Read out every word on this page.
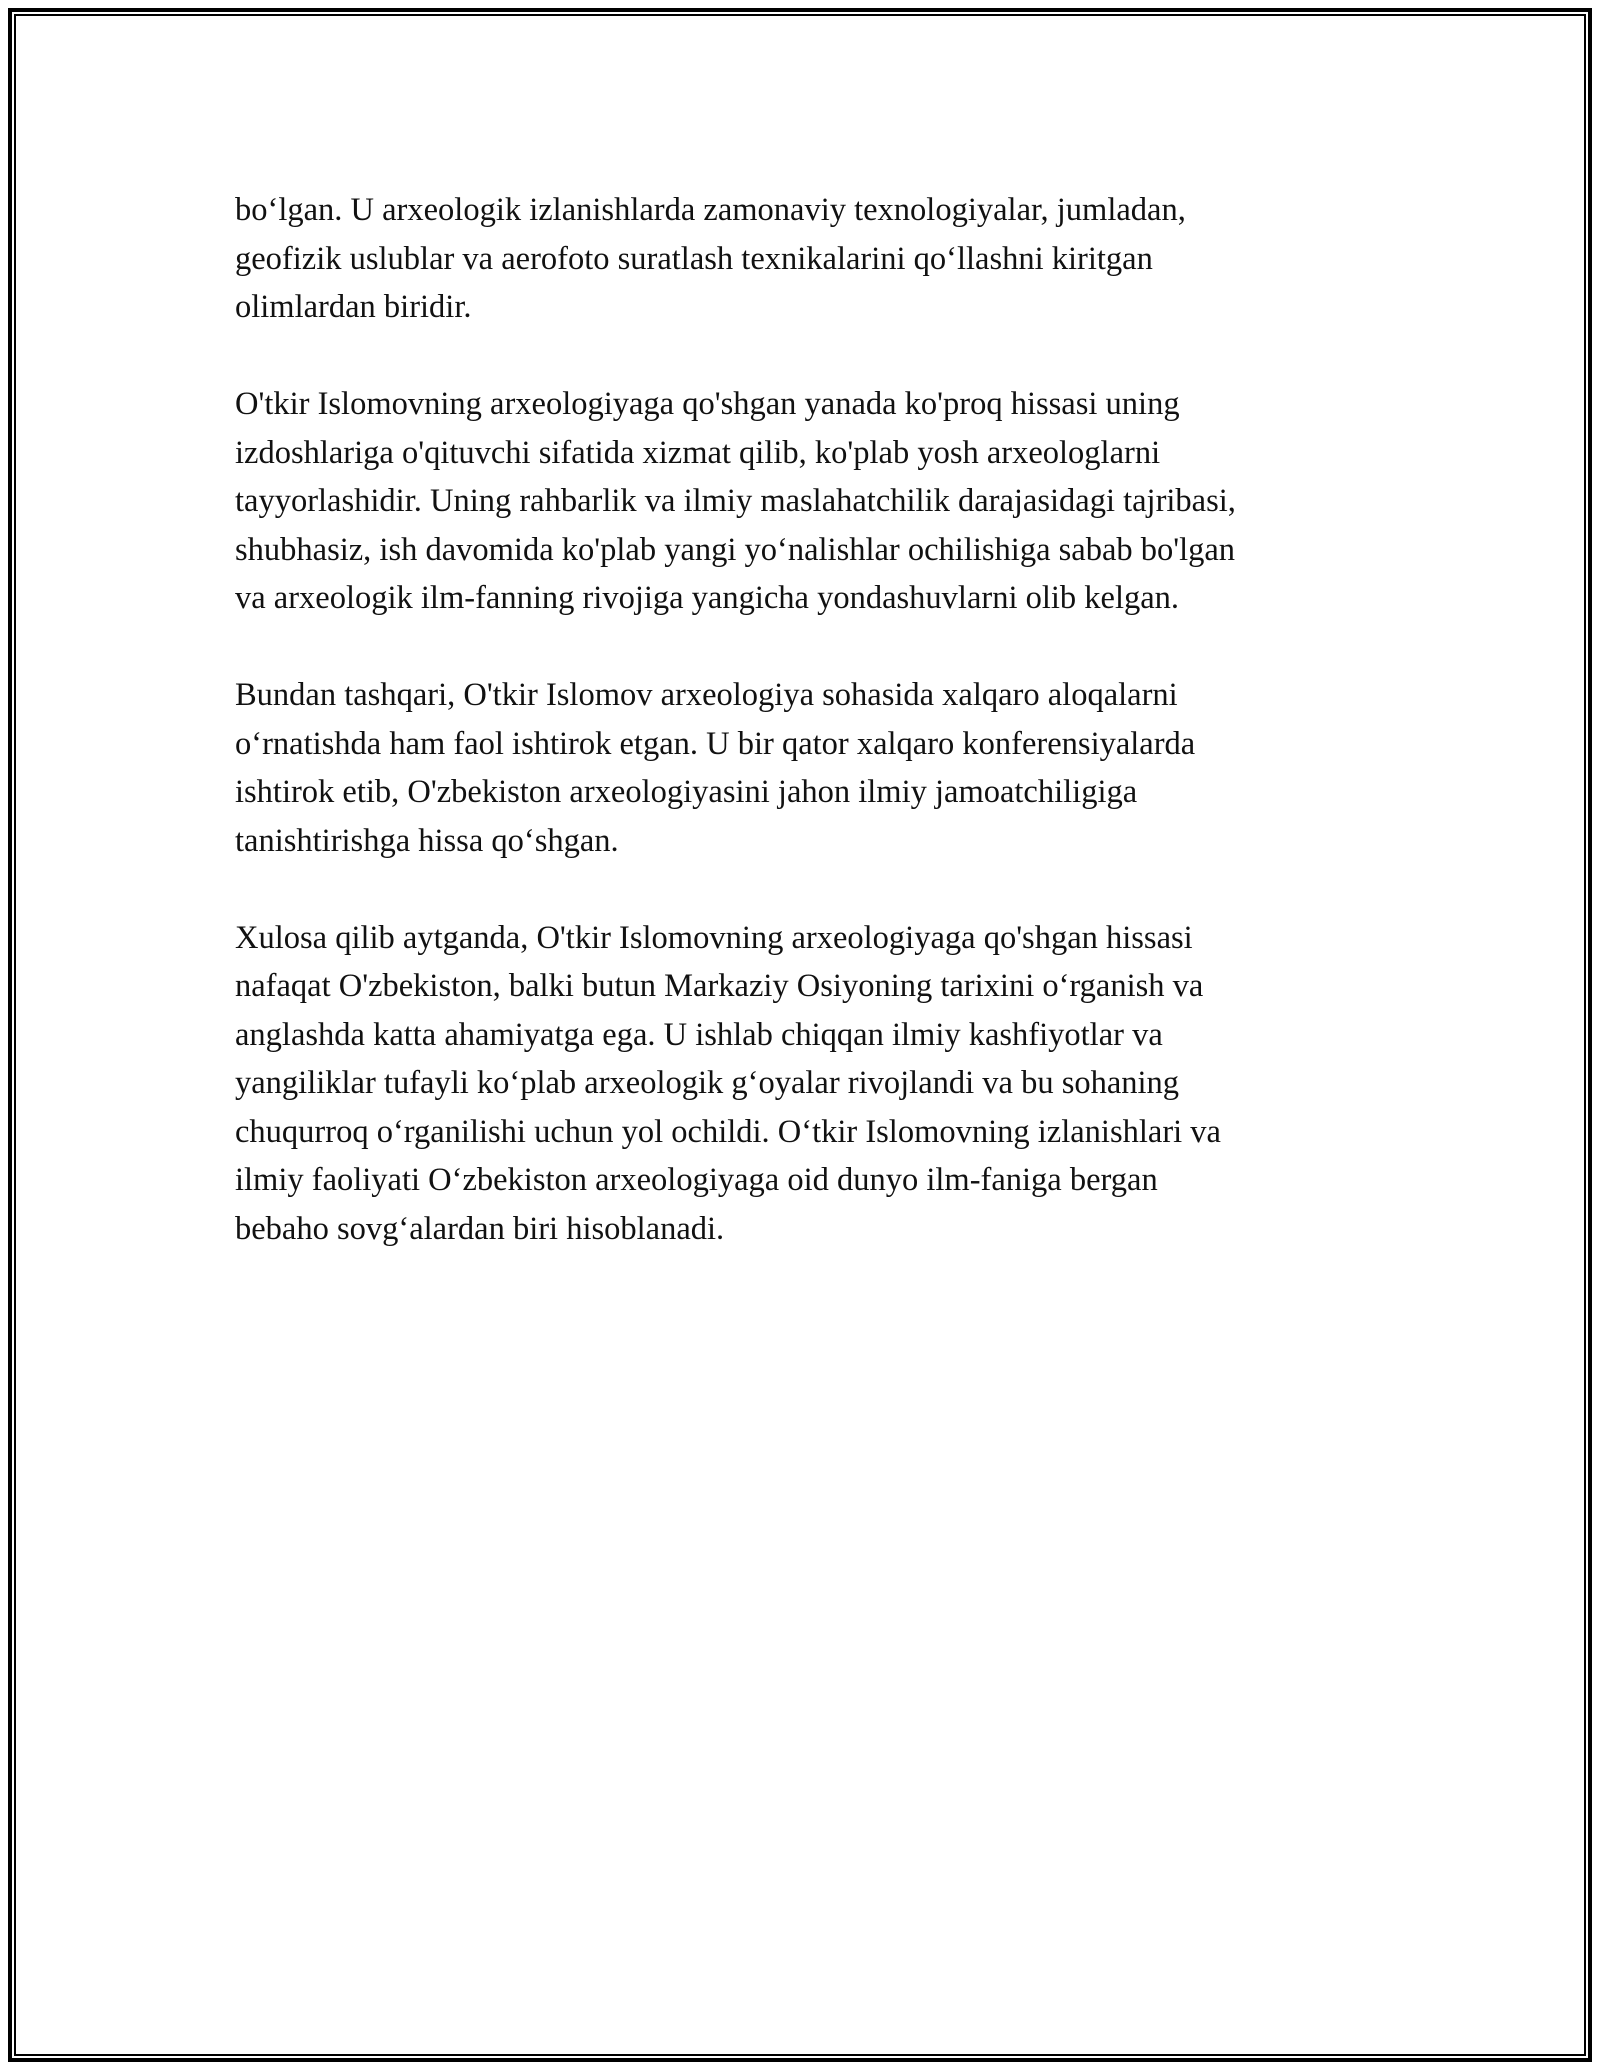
bo‘lgan. U arxeologik izlanishlarda zamonaviy texnologiyalar, jumladan,
geofizik uslublar va aerofoto suratlash texnikalarini qo‘llashni kiritgan
olimlardan biridir.

O'tkir Islomovning arxeologiyaga qo'shgan yanada ko'proq hissasi uning
izdoshlariga o'qituvchi sifatida xizmat qilib, ko'plab yosh arxeologlarni
tayyorlashidir. Uning rahbarlik va ilmiy maslahatchilik darajasidagi tajribasi,
shubhasiz, ish davomida ko'plab yangi yo‘nalishlar ochilishiga sabab bo'lgan
va arxeologik ilm-fanning rivojiga yangicha yondashuvlarni olib kelgan.

Bundan tashqari, O'tkir Islomov arxeologiya sohasida xalqaro aloqalarni
o‘rnatishda ham faol ishtirok etgan. U bir qator xalqaro konferensiyalarda
ishtirok etib, O'zbekiston arxeologiyasini jahon ilmiy jamoatchiligiga
tanishtirishga hissa qo‘shgan.

Xulosa qilib aytganda, O'tkir Islomovning arxeologiyaga qo'shgan hissasi
nafaqat O'zbekiston, balki butun Markaziy Osiyoning tarixini o‘rganish va
anglashda katta ahamiyatga ega. U ishlab chiqqan ilmiy kashfiyotlar va
yangiliklar tufayli ko‘plab arxeologik g‘oyalar rivojlandi va bu sohaning
chuqurroq o‘rganilishi uchun yol ochildi. O‘tkir Islomovning izlanishlari va
ilmiy faoliyati O‘zbekiston arxeologiyaga oid dunyo ilm-faniga bergan
bebaho sovg‘alardan biri hisoblanadi.
